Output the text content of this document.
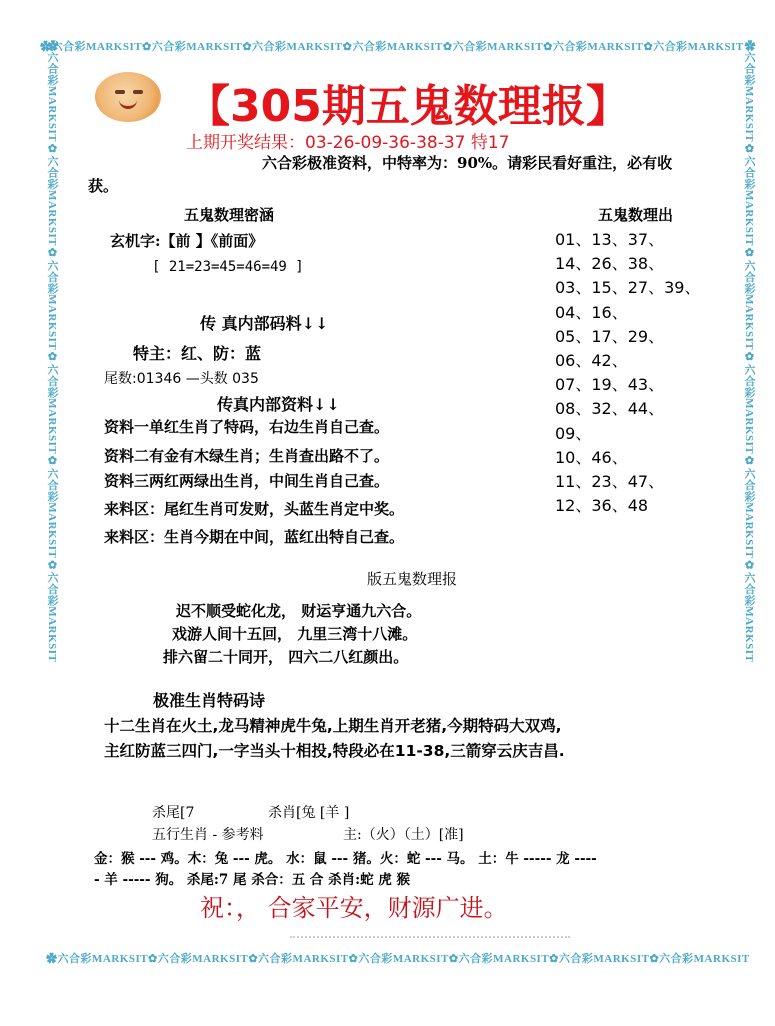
✿六合彩MARKSIT✿六合彩MARKSIT✿六合彩MARKSIT✿六合彩MARKSIT✿六合彩MARKSIT✿六合彩MARKSIT✿六合彩MARKSIT
✿六合彩MARKSIT✿六合彩MARKSIT✿六合彩MARKSIT✿六合彩MARKSIT✿六合彩MARKSIT✿六合彩MARKSIT✿六合彩MARKSIT
✿六合彩MARKSIT✿六合彩MARKSIT✿六合彩MARKSIT✿六合彩MARKSIT✿六合彩MARKSIT✿六合彩MARKSIT	✿六合彩MARKSIT✿六合彩MARKSIT✿六合彩MARKSIT✿六合彩MARKSIT✿六合彩MARKSIT✿六合彩MARKSIT
【305期五鬼数理报】
上期开奖结果：03-26-09-36-38-37 特17
六合彩极准资料，中特率为：90%。请彩民看好重注，必有收
获。
五鬼数理密涵
玄机字:【前 】《前面》
[ 21=23=45=46=49 ]
传 真内部码料↓↓
特主：红、防：蓝
尾数:01346 —头数 035
传真内部资料↓↓
资料一单红生肖了特码，右边生肖自己查。
资料二有金有木绿生肖；生肖查出路不了。
资料三两红两绿出生肖，中间生肖自己查。
来料区：尾红生肖可发财，头蓝生肖定中奖。
来料区：生肖今期在中间，蓝红出特自己查。
五鬼数理出
01、13、37、
14、26、38、
03、15、27、39、
04、16、
05、17、29、
06、42、
07、19、43、
08、32、44、
09、
10、46、
11、23、47、
12、36、48
版五鬼数理报
迟不顺受蛇化龙， 财运亨通九六合。
戏游人间十五回， 九里三湾十八滩。
排六留二十同开， 四六二八红颜出。
极准生肖特码诗
十二生肖在火土,龙马精神虎牛兔,上期生肖开老猪,今期特码大双鸡,
主红防蓝三四门,一字当头十相投,特段必在11-38,三箭穿云庆吉昌.
杀尾[7	杀肖[兔 [羊 ]
五行生肖 - 参考料	主:（火）（土）[准]
金：猴 --- 鸡。木：兔 --- 虎。 水：鼠 --- 猪。火：蛇 --- 马。 土：牛 ----- 龙 ----
- 羊 ----- 狗。 杀尾:7 尾 杀合：五 合 杀肖:蛇 虎 猴
祝：， 合家平安，财源广进。
